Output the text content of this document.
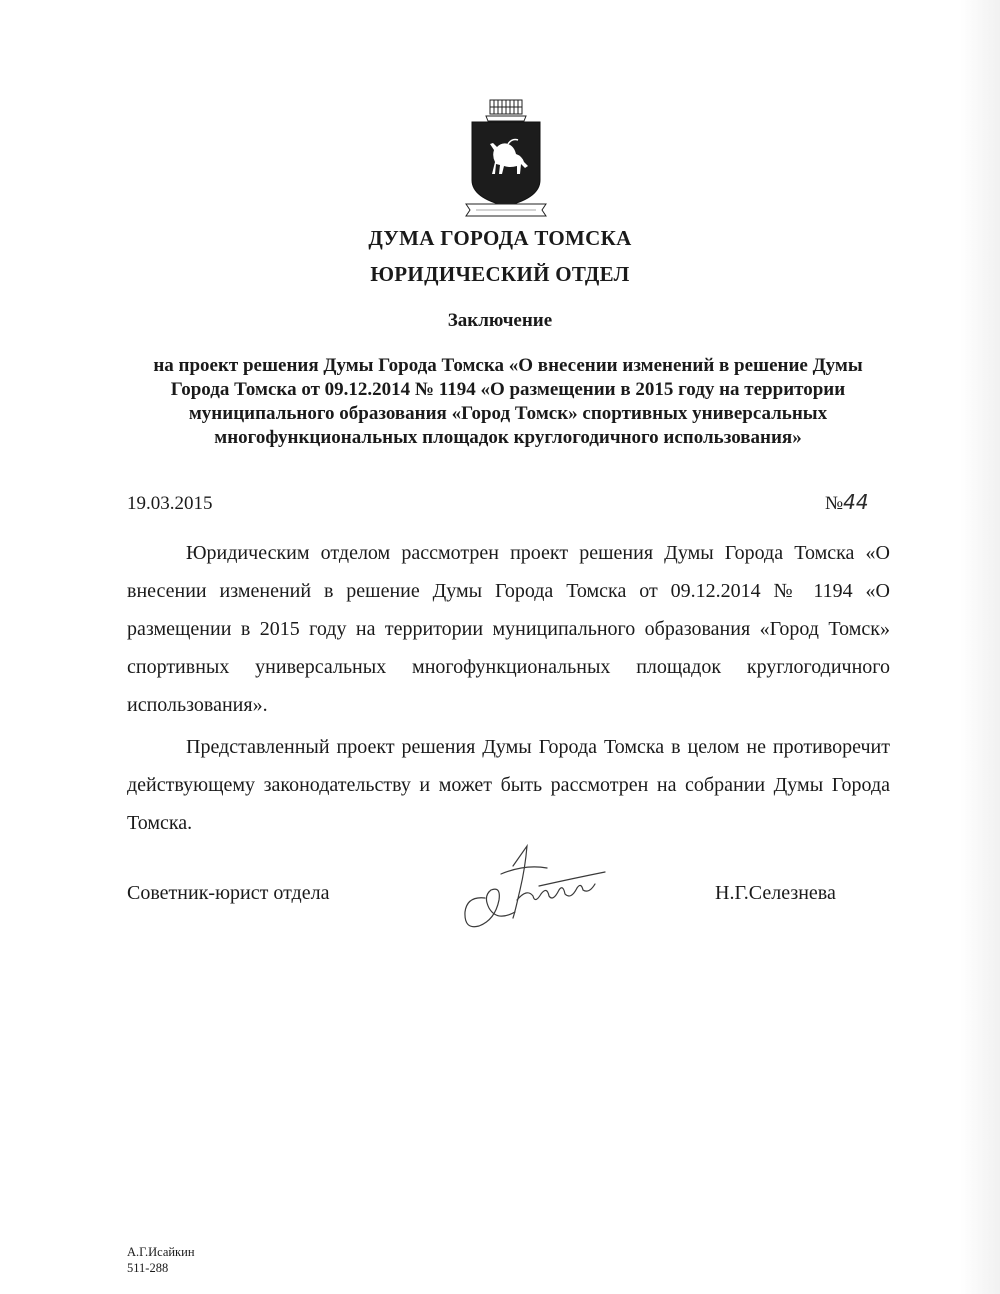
ДУМА ГОРОДА ТОМСКА
ЮРИДИЧЕСКИЙ ОТДЕЛ
Заключение
на проект решения Думы Города Томска «О внесении изменений в решение Думы Города Томска от 09.12.2014 № 1194 «О размещении в 2015 году на территории муниципального образования «Город Томск» спортивных универсальных многофункциональных площадок круглогодичного использования»
19.03.2015	№44

Юридическим отделом рассмотрен проект решения Думы Города Томска «О внесении изменений в решение Думы Города Томска от 09.12.2014 № 1194 «О размещении в 2015 году на территории муниципального образования «Город Томск» спортивных универсальных многофункциональных площадок круглогодичного использования».

Представленный проект решения Думы Города Томска в целом не противоречит действующему законодательству и может быть рассмотрен на собрании Думы Города Томска.

Советник-юрист отдела	Н.Г.Селезнева
А.Г.Исайкин
511-288
